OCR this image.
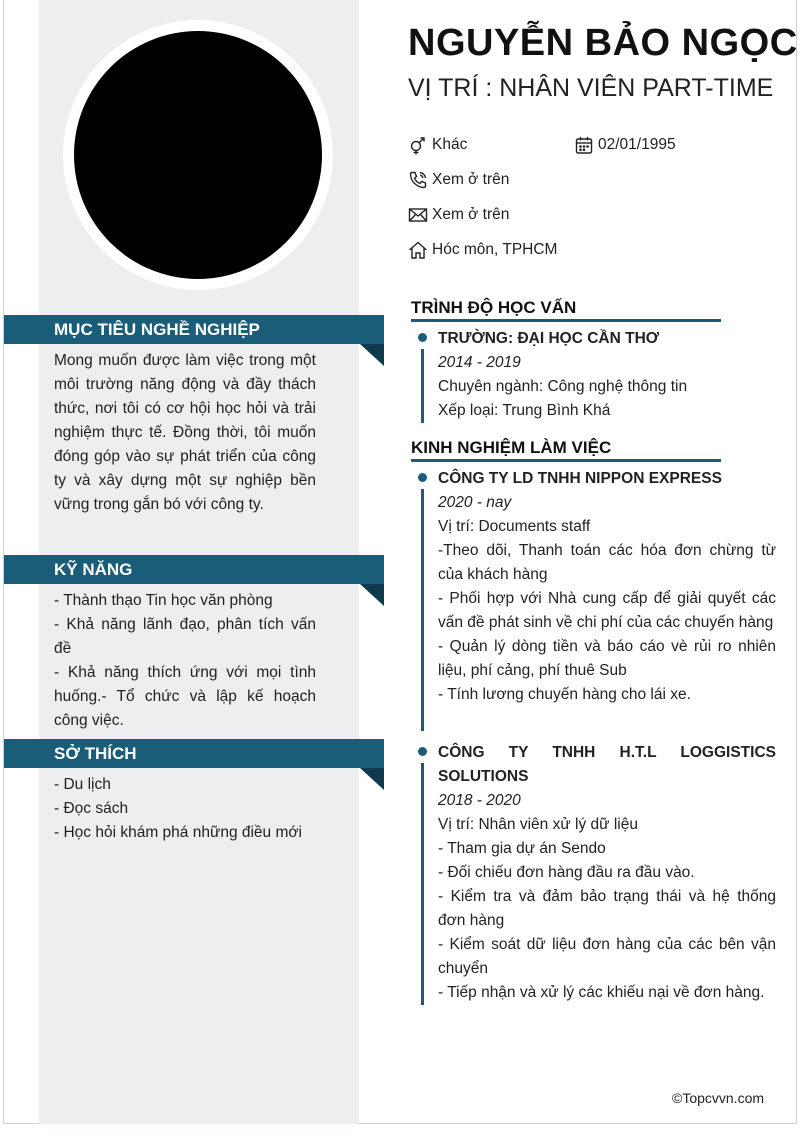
MỤC TIÊU NGHỀ NGHIỆP

Mong muốn được làm việc trong một môi trường năng động và đầy thách thức, nơi tôi có cơ hội học hỏi và trải nghiệm thực tế. Đồng thời, tôi muốn đóng góp vào sự phát triển của công ty và xây dựng một sự nghiệp bền vững trong gắn bó với công ty.

KỸ NĂNG

- Thành thạo Tin học văn phòng

- Khả năng lãnh đạo, phân tích vấn đề

- Khả năng thích ứng với mọi tình huống.- Tổ chức và lập kế hoạch công việc.

SỞ THÍCH

- Du lịch

- Đọc sách

- Học hỏi khám phá những điều mới

NGUYỄN BẢO NGỌC
VỊ TRÍ : NHÂN VIÊN PART-TIME
Khác	02/01/1995
Xem ở trên
Xem ở trên
Hóc môn, TPHCM
TRÌNH ĐỘ HỌC VẤN

TRƯỜNG: ĐẠI HỌC CẦN THƠ

2014 - 2019

Chuyên ngành: Công nghệ thông tin

Xếp loại: Trung Bình Khá

KINH NGHIỆM LÀM VIỆC

CÔNG TY LD TNHH NIPPON EXPRESS

2020 - nay

Vị trí: Documents staff

-Theo dõi, Thanh toán các hóa đơn chừng từ của khách hàng

- Phối hợp với Nhà cung cấp để giải quyết các vấn đề phát sinh về chi phí của các chuyến hàng

- Quản lý dòng tiền và báo cáo vè rủi ro nhiên liệu, phí cảng, phí thuê Sub

- Tính lương chuyến hàng cho lái xe.

CÔNG TY TNHH H.T.L LOGGISTICS SOLUTIONS

2018 - 2020

Vị trí: Nhân viên xử lý dữ liệu

- Tham gia dự án Sendo

- Đối chiếu đơn hàng đầu ra đầu vào.

- Kiểm tra và đảm bảo trạng thái và hệ thống đơn hàng

- Kiểm soát dữ liệu đơn hàng của các bên vận chuyển

- Tiếp nhận và xử lý các khiếu nại về đơn hàng.

©Topcvvn.com
